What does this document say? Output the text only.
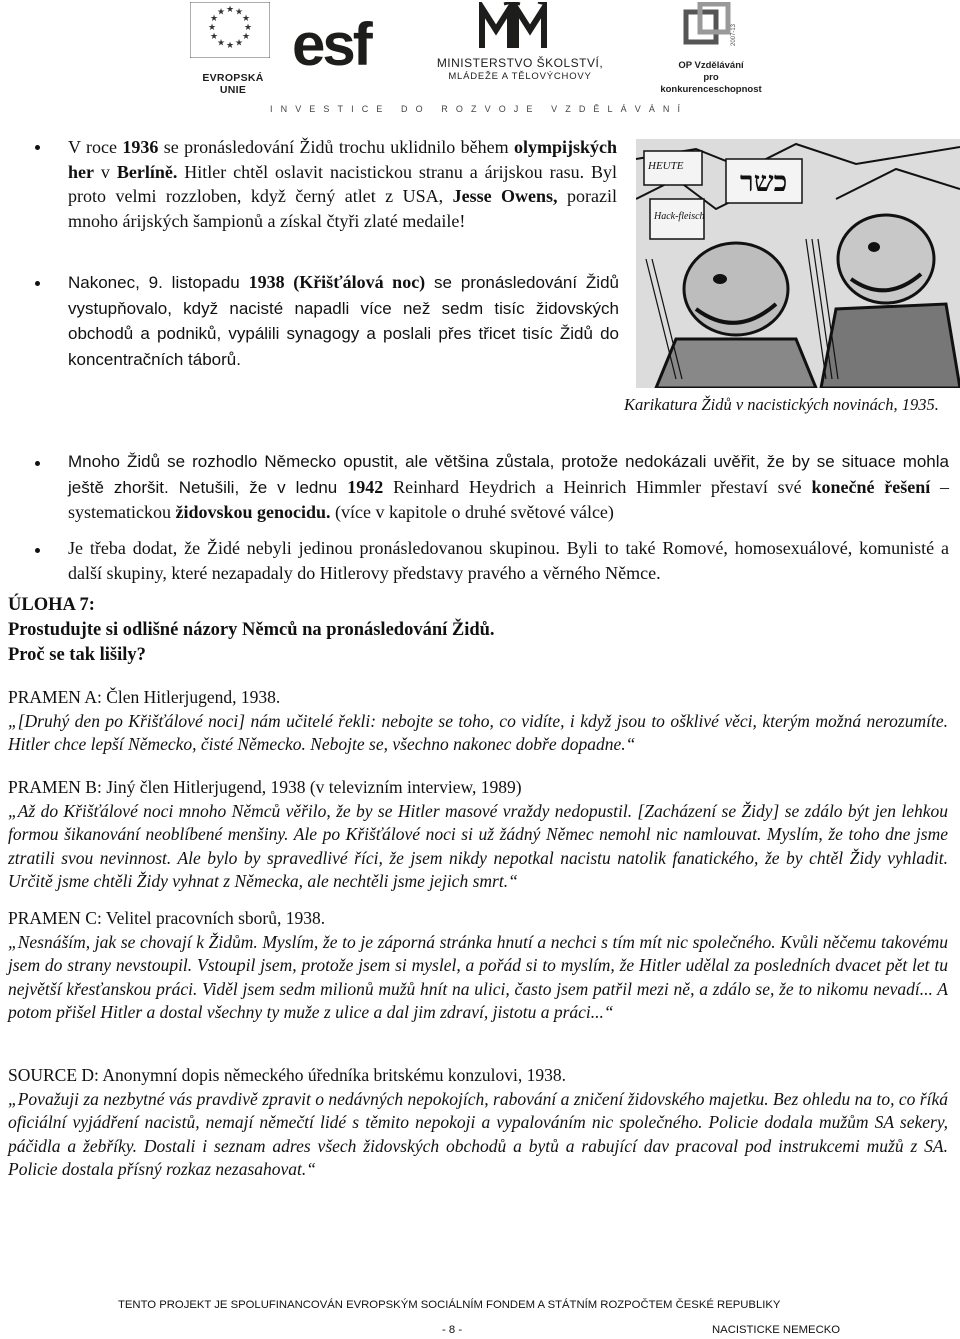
★ ★
★
★
★
★
★
★
★
★
★
★
EVROPSKÁ UNIE
esf	MINISTERSTVO ŠKOLSTVÍ,
MLÁDEŽE A TĚLOVÝCHOVY
2007-13
OP Vzdělávání
pro konkurenceschopnost
INVESTICE DO ROZVOJE VZDĚLÁVÁNÍ
V roce 1936 se pronásledování Židů trochu uklidnilo během olympijských her v Berlíně. Hitler chtěl oslavit nacistickou stranu a árijskou rasu. Byl proto velmi rozzloben, když černý atlet z USA, Jesse Owens, porazil mnoho árijských šampionů a získal čtyři zlaté medaile!
Nakonec, 9. listopadu 1938 (Křišťálová noc) se pronásledování Židů vystupňovalo, když nacisté napadli více než sedm tisíc židovských obchodů a podniků, vypálili synagogy a poslali přes třicet tisíc Židů do koncentračních táborů.
HEUTE
כשר
Hack-fleisch
Karikatura Židů v nacistických novinách, 1935.
Mnoho Židů se rozhodlo Německo opustit, ale většina zůstala, protože nedokázali uvěřit, že by se situace mohla ještě zhoršit. Netušili, že v lednu 1942 Reinhard Heydrich a Heinrich Himmler přestaví své konečné řešení – systematickou židovskou genocidu. (více v kapitole o druhé světové válce)
Je třeba dodat, že Židé nebyli jedinou pronásledovanou skupinou. Byli to také Romové, homosexuálové, komunisté a další skupiny, které nezapadaly do Hitlerovy představy pravého a věrného Němce.
ÚLOHA 7:
Prostudujte si odlišné názory Němců na pronásledování Židů.
Proč se tak lišily?
PRAMEN A: Člen Hitlerjugend, 1938.
„[Druhý den po Křišťálové noci] nám učitelé řekli: nebojte se toho, co vidíte, i když jsou to ošklivé věci, kterým možná nerozumíte. Hitler chce lepší Německo, čisté Německo. Nebojte se, všechno nakonec dobře dopadne.“
PRAMEN B: Jiný člen Hitlerjugend, 1938 (v televizním interview, 1989)
„Až do Křišťálové noci mnoho Němců věřilo, že by se Hitler masové vraždy nedopustil. [Zacházení se Židy] se zdálo být jen lehkou formou šikanování neoblíbené menšiny. Ale po Křišťálové noci si už žádný Němec nemohl nic namlouvat. Myslím, že toho dne jsme ztratili svou nevinnost. Ale bylo by spravedlivé říci, že jsem nikdy nepotkal nacistu natolik fanatického, že by chtěl Židy vyhladit. Určitě jsme chtěli Židy vyhnat z Německa, ale nechtěli jsme jejich smrt.“
PRAMEN C: Velitel pracovních sborů, 1938.
„Nesnáším, jak se chovají k Židům. Myslím, že to je záporná stránka hnutí a nechci s tím mít nic společného. Kvůli něčemu takovému jsem do strany nevstoupil. Vstoupil jsem, protože jsem si myslel, a pořád si to myslím, že Hitler udělal za posledních dvacet pět let tu největší křesťanskou práci. Viděl jsem sedm milionů mužů hnít na ulici, často jsem patřil mezi ně, a zdálo se, že to nikomu nevadí... A potom přišel Hitler a dostal všechny ty muže z ulice a dal jim zdraví, jistotu a práci...“
SOURCE D: Anonymní dopis německého úředníka britskému konzulovi, 1938.
„Považuji za nezbytné vás pravdivě zpravit o nedávných nepokojích, rabování a zničení židovského majetku. Bez ohledu na to, co říká oficiální vyjádření nacistů, nemají němečtí lidé s těmito nepokoji a vypalováním nic společného. Policie dodala mužům SA sekery, páčidla a žebříky. Dostali i seznam adres všech židovských obchodů a bytů a rabující dav pracoval pod instrukcemi mužů z SA. Policie dostala přísný rozkaz nezasahovat.“
TENTO PROJEKT JE SPOLUFINANCOVÁN EVROPSKÝM SOCIÁLNÍM FONDEM A STÁTNÍM ROZPOČTEM ČESKÉ REPUBLIKY
- 8 -	NACISTICKE NEMECKO
